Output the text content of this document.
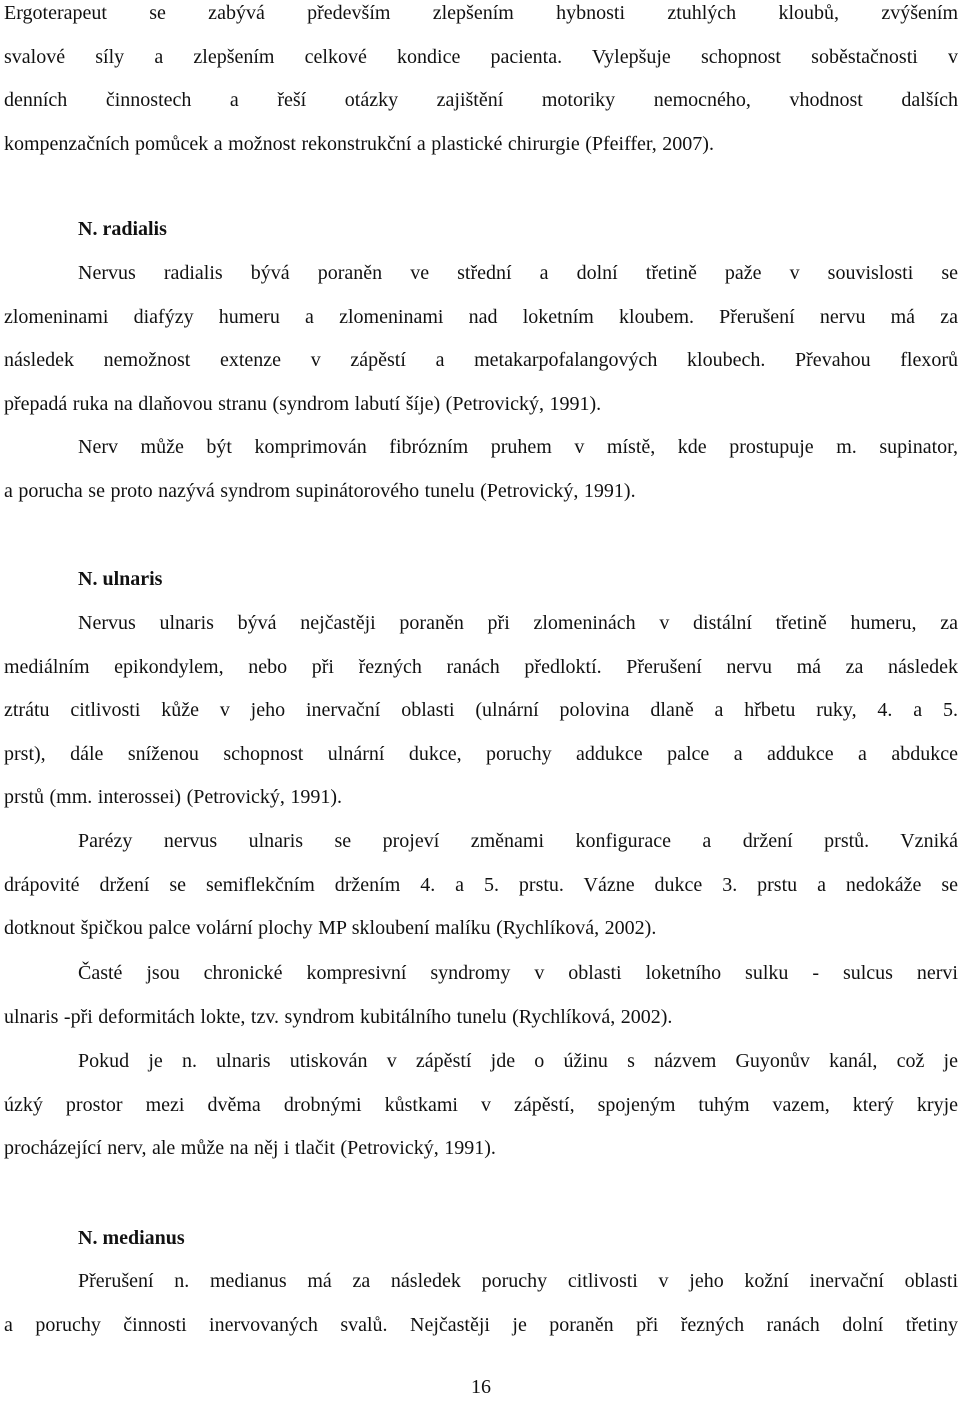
Ergoterapeut se zabývá především zlepšením hybnosti ztuhlých kloubů, zvýšením
svalové síly a zlepšením celkové kondice pacienta. Vylepšuje schopnost soběstačnosti v
denních činnostech a řeší otázky zajištění motoriky nemocného, vhodnost dalších
kompenzačních pomůcek a možnost rekonstrukční a plastické chirurgie (Pfeiffer, 2007).
N. radialis
Nervus radialis bývá poraněn ve střední a dolní třetině paže v souvislosti se
zlomeninami diafýzy humeru a zlomeninami nad loketním kloubem. Přerušení nervu má za
následek nemožnost extenze v zápěstí a metakarpofalangových kloubech. Převahou flexorů
přepadá ruka na dlaňovou stranu (syndrom labutí šíje) (Petrovický, 1991).
Nerv může být komprimován fibrózním pruhem v místě, kde prostupuje m. supinator,
a porucha se proto nazývá syndrom supinátorového tunelu (Petrovický, 1991).
N. ulnaris
Nervus ulnaris bývá nejčastěji poraněn při zlomeninách v distální třetině humeru, za
mediálním epikondylem, nebo při řezných ranách předloktí. Přerušení nervu má za následek
ztrátu citlivosti kůže v jeho inervační oblasti (ulnární polovina dlaně a hřbetu ruky, 4. a 5.
prst), dále sníženou schopnost ulnární dukce, poruchy addukce palce a addukce a abdukce
prstů (mm. interossei) (Petrovický, 1991).
Parézy nervus ulnaris se projeví změnami konfigurace a držení prstů. Vzniká
drápovité držení se semiflekčním držením 4. a 5. prstu. Vázne dukce 3. prstu a nedokáže se
dotknout špičkou palce volární plochy MP skloubení malíku (Rychlíková, 2002).
Časté jsou chronické kompresivní syndromy v oblasti loketního sulku - sulcus nervi
ulnaris -při deformitách lokte, tzv. syndrom kubitálního tunelu (Rychlíková, 2002).
Pokud je n. ulnaris utiskován v zápěstí jde o úžinu s názvem Guyonův kanál, což je
úzký prostor mezi dvěma drobnými kůstkami v zápěstí, spojeným tuhým vazem, který kryje
procházející nerv, ale může na něj i tlačit (Petrovický, 1991).
N. medianus
Přerušení n. medianus má za následek poruchy citlivosti v jeho kožní inervační oblasti
a poruchy činnosti inervovaných svalů. Nejčastěji je poraněn při řezných ranách dolní třetiny
16
